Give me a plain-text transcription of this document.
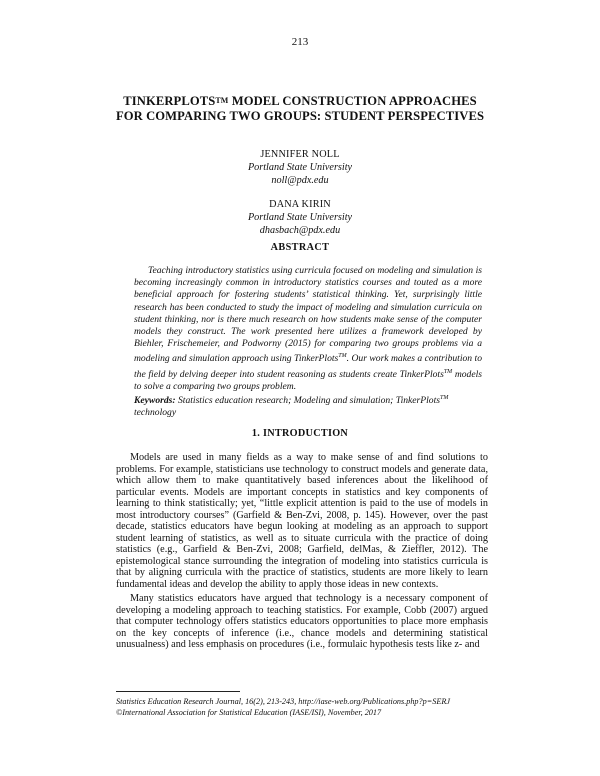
213
TINKERPLOTS™ MODEL CONSTRUCTION APPROACHES FOR COMPARING TWO GROUPS: STUDENT PERSPECTIVES
JENNIFER NOLL
Portland State University
noll@pdx.edu
DANA KIRIN
Portland State University
dhasbach@pdx.edu
ABSTRACT
Teaching introductory statistics using curricula focused on modeling and simulation is becoming increasingly common in introductory statistics courses and touted as a more beneficial approach for fostering students’ statistical thinking. Yet, surprisingly little research has been conducted to study the impact of modeling and simulation curricula on student thinking, nor is there much research on how students make sense of the computer models they construct. The work presented here utilizes a framework developed by Biehler, Frischemeier, and Podworny (2015) for comparing two groups problems via a modeling and simulation approach using TinkerPlots™. Our work makes a contribution to the field by delving deeper into student reasoning as students create TinkerPlots™ models to solve a comparing two groups problem.
Keywords: Statistics education research; Modeling and simulation; TinkerPlots™ technology
1. INTRODUCTION

Models are used in many fields as a way to make sense of and find solutions to problems. For example, statisticians use technology to construct models and generate data, which allow them to make quantitatively based inferences about the likelihood of particular events. Models are important concepts in statistics and key components of learning to think statistically; yet, “little explicit attention is paid to the use of models in most introductory courses” (Garfield & Ben-Zvi, 2008, p. 145). However, over the past decade, statistics educators have begun looking at modeling as an approach to support student learning of statistics, as well as to situate curricula with the practice of doing statistics (e.g., Garfield & Ben-Zvi, 2008; Garfield, delMas, & Zieffler, 2012). The epistemological stance surrounding the integration of modeling into statistics curricula is that by aligning curricula with the practice of statistics, students are more likely to learn fundamental ideas and develop the ability to apply those ideas in new contexts.

Many statistics educators have argued that technology is a necessary component of developing a modeling approach to teaching statistics. For example, Cobb (2007) argued that computer technology offers statistics educators opportunities to place more emphasis on the key concepts of inference (i.e., chance models and determining statistical unusualness) and less emphasis on procedures (i.e., formulaic hypothesis tests like z- and

Statistics Education Research Journal, 16(2), 213-243, http://iase-web.org/Publications.php?p=SERJ
©International Association for Statistical Education (IASE/ISI), November, 2017
